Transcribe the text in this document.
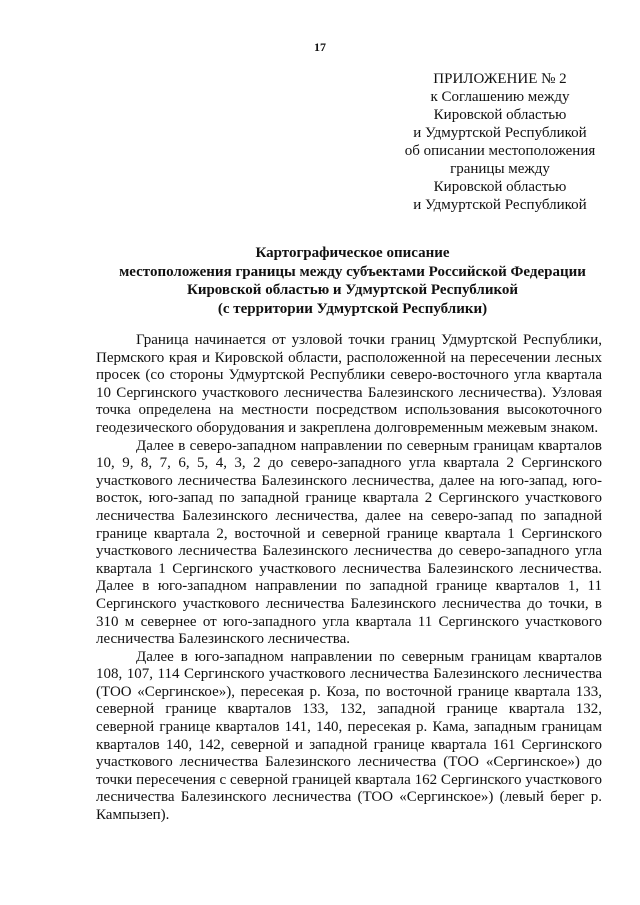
17
ПРИЛОЖЕНИЕ № 2
к Соглашению между
Кировской областью
и Удмуртской Республикой
об описании местоположения
границы между
Кировской областью
и Удмуртской Республикой
Картографическое описание
местоположения границы между субъектами Российской Федерации
Кировской областью и Удмуртской Республикой
(с территории Удмуртской Республики)

Граница начинается от узловой точки границ Удмуртской Республики, Пермского края и Кировской области, расположенной на пересечении лесных просек (со стороны Удмуртской Республики северо-восточного угла квартала 10 Сергинского участкового лесничества Балезинского лесничества). Узловая точка определена на местности посредством использования высокоточного геодезического оборудования и закреплена долговременным межевым знаком.

Далее в северо-западном направлении по северным границам кварталов 10, 9, 8, 7, 6, 5, 4, 3, 2 до северо-западного угла квартала 2 Сергинского участкового лесничества Балезинского лесничества, далее на юго-запад, юго-восток, юго-запад по западной границе квартала 2 Сергинского участкового лесничества Балезинского лесничества, далее на северо-запад по западной границе квартала 2, восточной и северной границе квартала 1 Сергинского участкового лесничества Балезинского лесничества до северо-западного угла квартала 1 Сергинского участкового лесничества Балезинского лесничества. Далее в юго-западном направлении по западной границе кварталов 1, 11 Сергинского участкового лесничества Балезинского лесничества до точки, в 310 м севернее от юго-западного угла квартала 11 Сергинского участкового лесничества Балезинского лесничества.

Далее в юго-западном направлении по северным границам кварталов 108, 107, 114 Сергинского участкового лесничества Балезинского лесничества (ТОО «Сергинское»), пересекая р. Коза, по восточной границе квартала 133, северной границе кварталов 133, 132, западной границе квартала 132, северной границе кварталов 141, 140, пересекая р. Кама, западным границам кварталов 140, 142, северной и западной границе квартала 161 Сергинского участкового лесничества Балезинского лесничества (ТОО «Сергинское») до точки пересечения с северной границей квартала 162 Сергинского участкового лесничества Балезинского лесничества (ТОО «Сергинское») (левый берег р. Кампызеп).
